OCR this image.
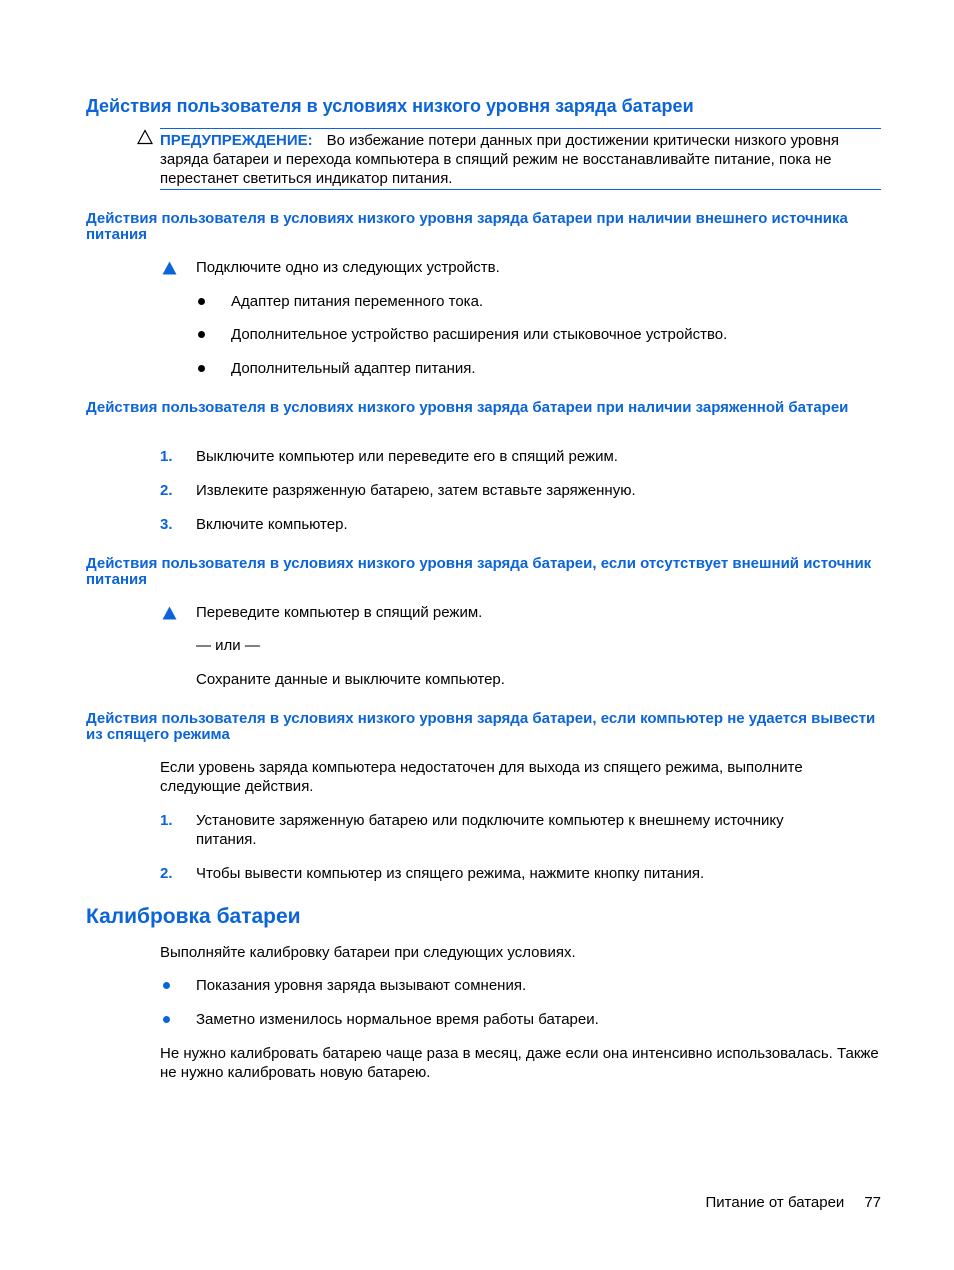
Действия пользователя в условиях низкого уровня заряда батареи
ПРЕДУПРЕЖДЕНИЕ: Во избежание потери данных при достижении критически низкого уровня заряда батареи и перехода компьютера в спящий режим не восстанавливайте питание, пока не перестанет светиться индикатор питания.
Действия пользователя в условиях низкого уровня заряда батареи при наличии внешнего источника питания
Подключите одно из следующих устройств.
Адаптер питания переменного тока.
Дополнительное устройство расширения или стыковочное устройство.
Дополнительный адаптер питания.
Действия пользователя в условиях низкого уровня заряда батареи при наличии заряженной батареи
1. Выключите компьютер или переведите его в спящий режим.
2. Извлеките разряженную батарею, затем вставьте заряженную.
3. Включите компьютер.
Действия пользователя в условиях низкого уровня заряда батареи, если отсутствует внешний источник питания
Переведите компьютер в спящий режим.
— или —
Сохраните данные и выключите компьютер.
Действия пользователя в условиях низкого уровня заряда батареи, если компьютер не удается вывести из спящего режима
Если уровень заряда компьютера недостаточен для выхода из спящего режима, выполните следующие действия.
1. Установите заряженную батарею или подключите компьютер к внешнему источнику питания.
2. Чтобы вывести компьютер из спящего режима, нажмите кнопку питания.
Калибровка батареи
Выполняйте калибровку батареи при следующих условиях.
Показания уровня заряда вызывают сомнения.
Заметно изменилось нормальное время работы батареи.
Не нужно калибровать батарею чаще раза в месяц, даже если она интенсивно использовалась. Также не нужно калибровать новую батарею.
Питание от батареи 77
